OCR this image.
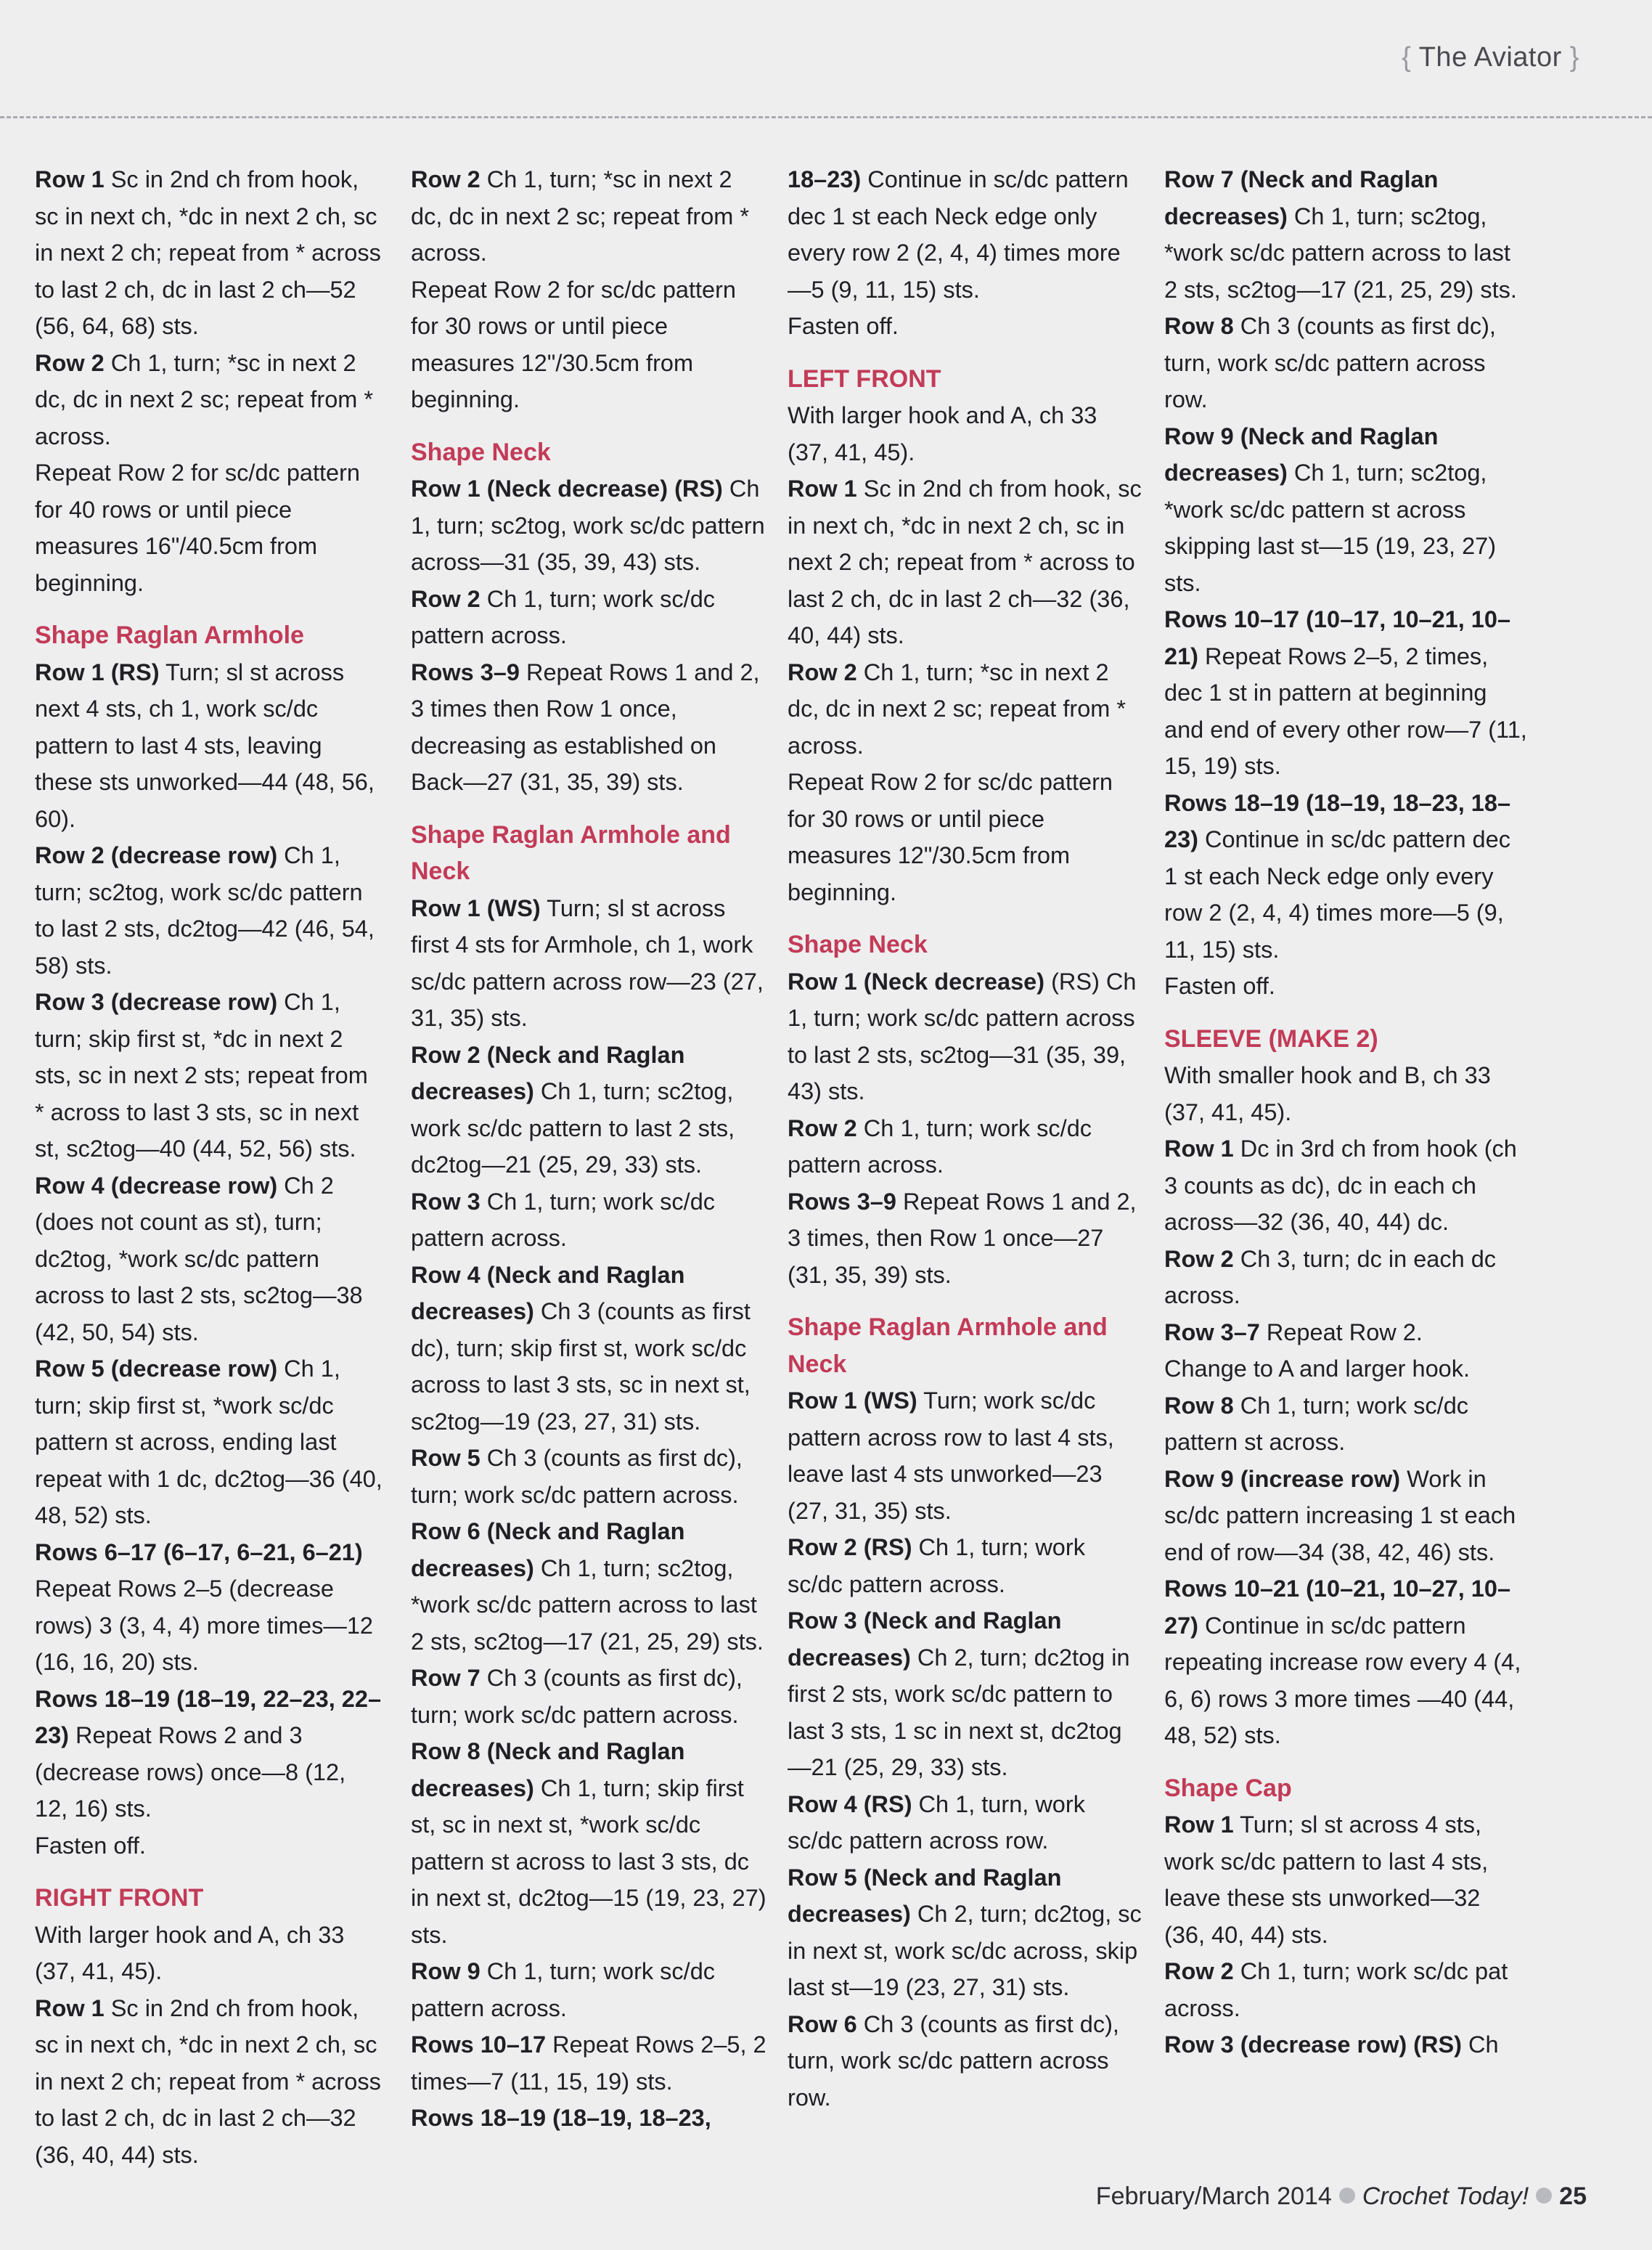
{ The Aviator }
Row 1 Sc in 2nd ch from hook, sc in next ch, *dc in next 2 ch, sc in next 2 ch; repeat from * across to last 2 ch, dc in last 2 ch—52 (56, 64, 68) sts.
Row 2 Ch 1, turn; *sc in next 2 dc, dc in next 2 sc; repeat from * across.
Repeat Row 2 for sc/dc pattern for 40 rows or until piece measures 16"/40.5cm from beginning.
Shape Raglan Armhole
Row 1 (RS) Turn; sl st across next 4 sts, ch 1, work sc/dc pattern to last 4 sts, leaving these sts unworked—44 (48, 56, 60).
Row 2 (decrease row) Ch 1, turn; sc2tog, work sc/dc pattern to last 2 sts, dc2tog—42 (46, 54, 58) sts.
Row 3 (decrease row) Ch 1, turn; skip first st, *dc in next 2 sts, sc in next 2 sts; repeat from * across to last 3 sts, sc in next st, sc2tog—40 (44, 52, 56) sts.
Row 4 (decrease row) Ch 2 (does not count as st), turn; dc2tog, *work sc/dc pattern across to last 2 sts, sc2tog—38 (42, 50, 54) sts.
Row 5 (decrease row) Ch 1, turn; skip first st, *work sc/dc pattern st across, ending last repeat with 1 dc, dc2tog—36 (40, 48, 52) sts.
Rows 6–17 (6–17, 6–21, 6–21) Repeat Rows 2–5 (decrease rows) 3 (3, 4, 4) more times—12 (16, 16, 20) sts.
Rows 18–19 (18–19, 22–23, 22–23) Repeat Rows 2 and 3 (decrease rows) once—8 (12, 12, 16) sts.
Fasten off.
RIGHT FRONT
With larger hook and A, ch 33 (37, 41, 45).
Row 1 Sc in 2nd ch from hook, sc in next ch, *dc in next 2 ch, sc in next 2 ch; repeat from * across to last 2 ch, dc in last 2 ch—32 (36, 40, 44) sts.
Row 2 Ch 1, turn; *sc in next 2 dc, dc in next 2 sc; repeat from * across.
Repeat Row 2 for sc/dc pattern for 30 rows or until piece measures 12"/30.5cm from beginning.
Shape Neck
Row 1 (Neck decrease) (RS) Ch 1, turn; sc2tog, work sc/dc pattern across—31 (35, 39, 43) sts.
Row 2 Ch 1, turn; work sc/dc pattern across.
Rows 3–9 Repeat Rows 1 and 2, 3 times then Row 1 once, decreasing as established on Back—27 (31, 35, 39) sts.
Shape Raglan Armhole and Neck
Row 1 (WS) Turn; sl st across first 4 sts for Armhole, ch 1, work sc/dc pattern across row—23 (27, 31, 35) sts.
Row 2 (Neck and Raglan decreases) Ch 1, turn; sc2tog, work sc/dc pattern to last 2 sts, dc2tog—21 (25, 29, 33) sts.
Row 3 Ch 1, turn; work sc/dc pattern across.
Row 4 (Neck and Raglan decreases) Ch 3 (counts as first dc), turn; skip first st, work sc/dc across to last 3 sts, sc in next st, sc2tog—19 (23, 27, 31) sts.
Row 5 Ch 3 (counts as first dc), turn; work sc/dc pattern across.
Row 6 (Neck and Raglan decreases) Ch 1, turn; sc2tog, *work sc/dc pattern across to last 2 sts, sc2tog—17 (21, 25, 29) sts.
Row 7 Ch 3 (counts as first dc), turn; work sc/dc pattern across.
Row 8 (Neck and Raglan decreases) Ch 1, turn; skip first st, sc in next st, *work sc/dc pattern st across to last 3 sts, dc in next st, dc2tog—15 (19, 23, 27) sts.
Row 9 Ch 1, turn; work sc/dc pattern across.
Rows 10–17 Repeat Rows 2–5, 2 times—7 (11, 15, 19) sts.
Rows 18–19 (18–19, 18–23,
18–23) Continue in sc/dc pattern dec 1 st each Neck edge only every row 2 (2, 4, 4) times more—5 (9, 11, 15) sts.
Fasten off.
LEFT FRONT
With larger hook and A, ch 33 (37, 41, 45).
Row 1 Sc in 2nd ch from hook, sc in next ch, *dc in next 2 ch, sc in next 2 ch; repeat from * across to last 2 ch, dc in last 2 ch—32 (36, 40, 44) sts.
Row 2 Ch 1, turn; *sc in next 2 dc, dc in next 2 sc; repeat from * across.
Repeat Row 2 for sc/dc pattern for 30 rows or until piece measures 12"/30.5cm from beginning.
Shape Neck
Row 1 (Neck decrease) (RS) Ch 1, turn; work sc/dc pattern across to last 2 sts, sc2tog—31 (35, 39, 43) sts.
Row 2 Ch 1, turn; work sc/dc pattern across.
Rows 3–9 Repeat Rows 1 and 2, 3 times, then Row 1 once—27 (31, 35, 39) sts.
Shape Raglan Armhole and Neck
Row 1 (WS) Turn; work sc/dc pattern across row to last 4 sts, leave last 4 sts unworked—23 (27, 31, 35) sts.
Row 2 (RS) Ch 1, turn; work sc/dc pattern across.
Row 3 (Neck and Raglan decreases) Ch 2, turn; dc2tog in first 2 sts, work sc/dc pattern to last 3 sts, 1 sc in next st, dc2tog—21 (25, 29, 33) sts.
Row 4 (RS) Ch 1, turn, work sc/dc pattern across row.
Row 5 (Neck and Raglan decreases) Ch 2, turn; dc2tog, sc in next st, work sc/dc across, skip last st—19 (23, 27, 31) sts.
Row 6 Ch 3 (counts as first dc), turn, work sc/dc pattern across row.
Row 7 (Neck and Raglan decreases) Ch 1, turn; sc2tog, *work sc/dc pattern across to last 2 sts, sc2tog—17 (21, 25, 29) sts.
Row 8 Ch 3 (counts as first dc), turn, work sc/dc pattern across row.
Row 9 (Neck and Raglan decreases) Ch 1, turn; sc2tog, *work sc/dc pattern st across skipping last st—15 (19, 23, 27) sts.
Rows 10–17 (10–17, 10–21, 10–21) Repeat Rows 2–5, 2 times, dec 1 st in pattern at beginning and end of every other row—7 (11, 15, 19) sts.
Rows 18–19 (18–19, 18–23, 18–23) Continue in sc/dc pattern dec 1 st each Neck edge only every row 2 (2, 4, 4) times more—5 (9, 11, 15) sts.
Fasten off.
SLEEVE (MAKE 2)
With smaller hook and B, ch 33 (37, 41, 45).
Row 1 Dc in 3rd ch from hook (ch 3 counts as dc), dc in each ch across—32 (36, 40, 44) dc.
Row 2 Ch 3, turn; dc in each dc across.
Row 3–7 Repeat Row 2.
Change to A and larger hook.
Row 8 Ch 1, turn; work sc/dc pattern st across.
Row 9 (increase row) Work in sc/dc pattern increasing 1 st each end of row—34 (38, 42, 46) sts.
Rows 10–21 (10–21, 10–27, 10–27) Continue in sc/dc pattern repeating increase row every 4 (4, 6, 6) rows 3 more times —40 (44, 48, 52) sts.
Shape Cap
Row 1 Turn; sl st across 4 sts, work sc/dc pattern to last 4 sts, leave these sts unworked—32 (36, 40, 44) sts.
Row 2 Ch 1, turn; work sc/dc pat across.
Row 3 (decrease row) (RS) Ch
February/March 2014 Crochet Today! 25
